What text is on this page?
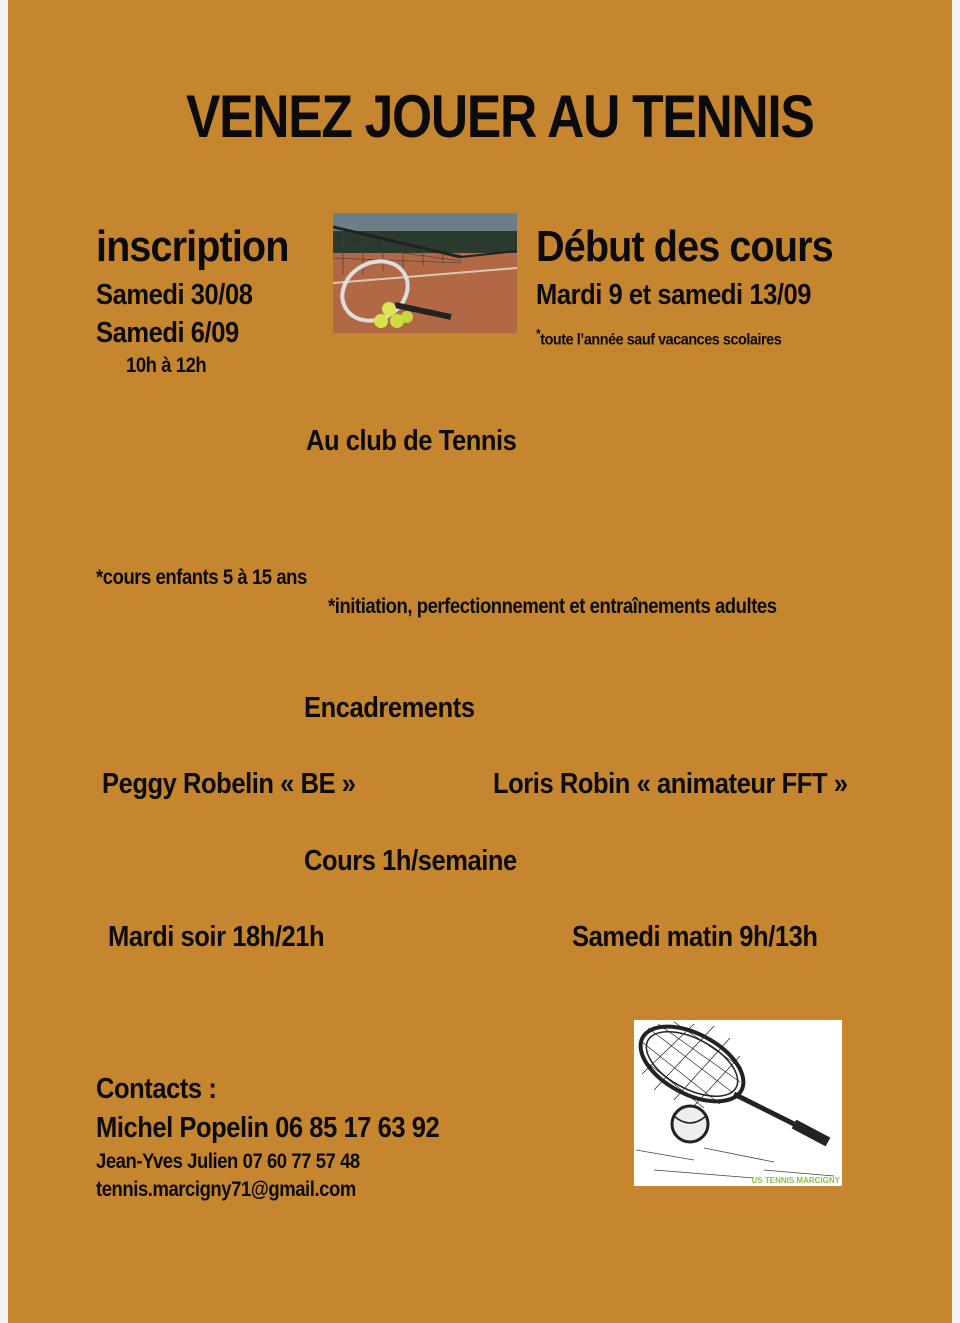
VENEZ JOUER AU TENNIS
inscription
Samedi 30/08
Samedi 6/09
10h à 12h
Début des cours
Mardi 9 et samedi 13/09
*toute l’année sauf vacances scolaires
Au club de Tennis
*cours enfants 5 à 15 ans
*initiation, perfectionnement et entraînements adultes
Encadrements
Peggy Robelin « BE »	Loris Robin « animateur FFT »
Cours 1h/semaine
Mardi soir 18h/21h	Samedi matin 9h/13h
Contacts :
Michel Popelin 06 85 17 63 92
Jean-Yves Julien 07 60 77 57 48
tennis.marcigny71@gmail.com	US TENNIS MARCIGNY
